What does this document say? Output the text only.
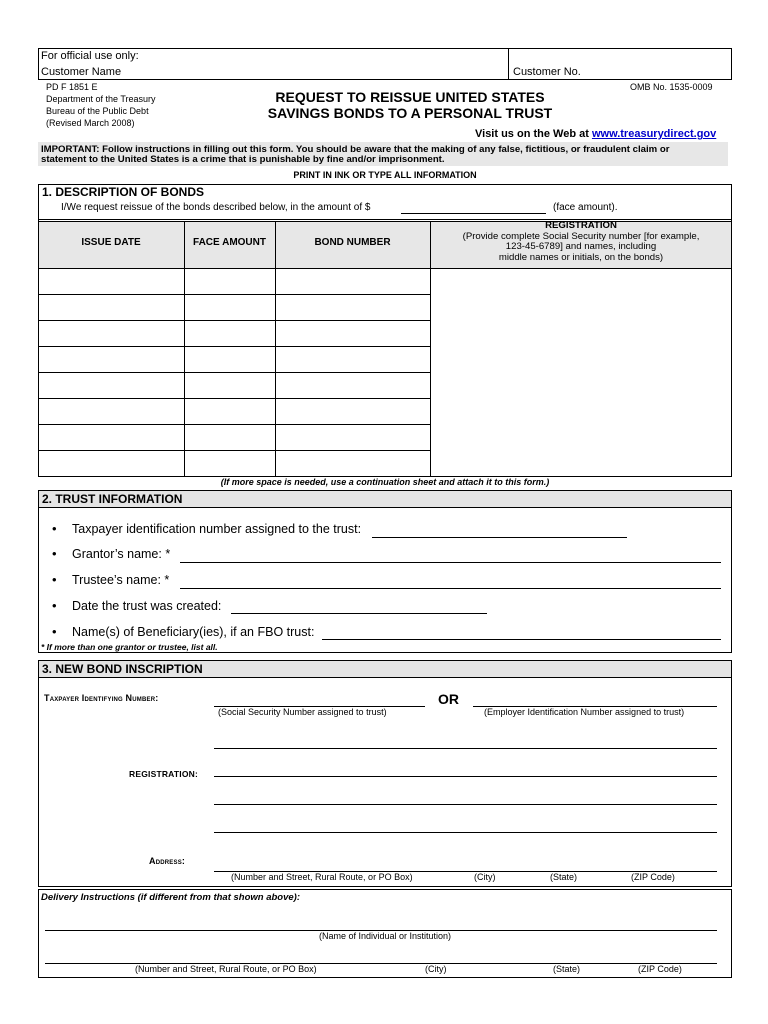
For official use only:
Customer Name	Customer No.
PD F 1851 E
Department of the Treasury
Bureau of the Public Debt
(Revised March 2008)
REQUEST TO REISSUE UNITED STATES
SAVINGS BONDS TO A PERSONAL TRUST
OMB No. 1535-0009
Visit us on the Web at www.treasurydirect.gov
IMPORTANT: Follow instructions in filling out this form. You should be aware that the making of any false, fictitious, or fraudulent claim or
statement to the United States is a crime that is punishable by fine and/or imprisonment.
PRINT IN INK OR TYPE ALL INFORMATION
1. DESCRIPTION OF BONDS
I/We request reissue of the bonds described below, in the amount of $	(face amount).
ISSUE DATE	FACE AMOUNT	BOND NUMBER
REGISTRATION
(Provide complete Social Security number [for example,
123-45-6789] and names, including
middle names or initials, on the bonds)
(If more space is needed, use a continuation sheet and attach it to this form.)
2. TRUST INFORMATION
• Taxpayer identification number assigned to the trust:
• Grantor’s name: *
• Trustee’s name: *
• Date the trust was created:
• Name(s) of Beneficiary(ies), if an FBO trust:
* If more than one grantor or trustee, list all.
3. NEW BOND INSCRIPTION
Taxpayer Identifying Number:	OR
(Social Security Number assigned to trust)	(Employer Identification Number assigned to trust)
REGISTRATION:
Address:
(Number and Street, Rural Route, or PO Box)	(City)	(State)	(ZIP Code)
Delivery Instructions (if different from that shown above):
(Name of Individual or Institution)
(Number and Street, Rural Route, or PO Box)	(City)	(State)	(ZIP Code)
